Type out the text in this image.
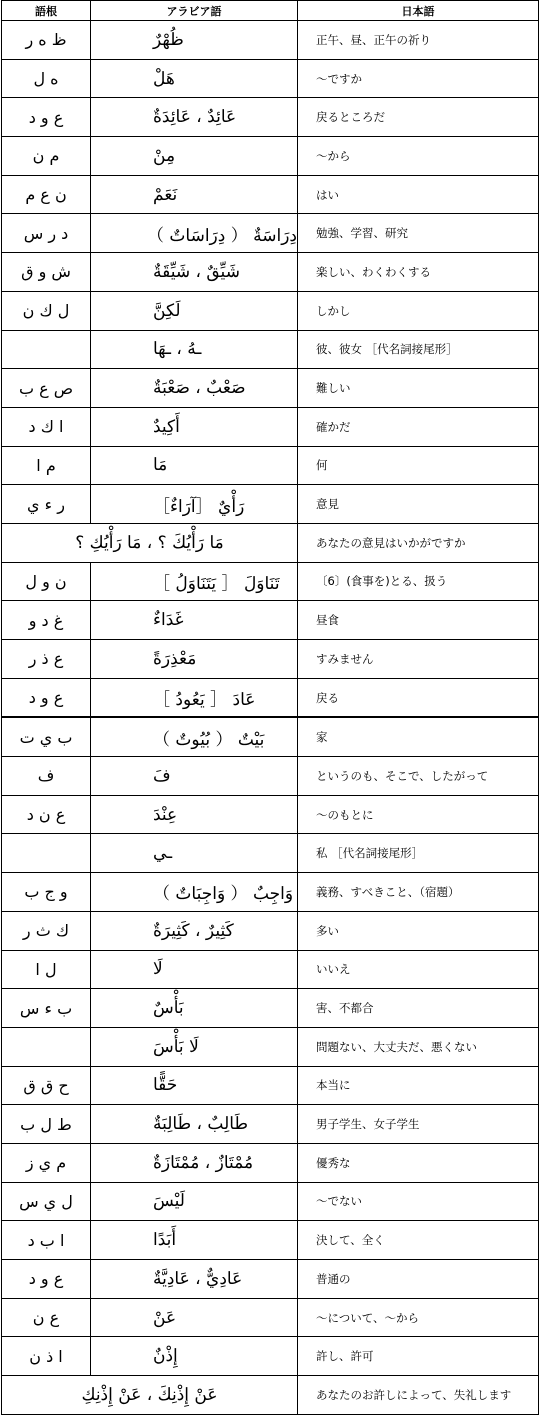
語根	アラビア語	日本語
ظ ه ر	ظُهْرٌ	正午、昼、正午の祈り
ه ل	هَلْ	～ですか
ع و د	عَائِدٌ ، عَائِدَةٌ	戻るところだ
م ن	مِنْ	～から
ن ع م	نَعَمْ	はい
د ر س	دِرَاسَةٌ （ دِرَاسَاتٌ ）	勉強、学習、研究
ش و ق	شَيِّقٌ ، شَيِّقَةٌ	楽しい、わくわくする
ل ك ن	لَكِنَّ	しかし
	ـهُ ، ـهَا	彼、彼女 ［代名詞接尾形］
ص ع ب	صَعْبٌ ، صَعْبَةٌ	難しい
ا ك د	أَكِيدٌ	確かだ
م ا	مَا	何
ر ء ي	رَأْيٌ ［آرَاءٌ］	意見
مَا رَأْيُكَ ؟ ، مَا رَأْيُكِ ؟		あなたの意見はいかがですか
ن و ل	تَنَاوَلَ ［ يَتَنَاوَلُ ］	〔6〕(食事を)とる、扱う
غ د و	غَدَاءٌ	昼食
ع ذ ر	مَعْذِرَةً	すみません
ع و د	عَادَ ［ يَعُودُ ］	戻る
ب ي ت	بَيْتٌ （ بُيُوتٌ ）	家
ف	فَ	というのも、そこで、したがって
ع ن د	عِنْدَ	～のもとに
	ـي	私 ［代名詞接尾形］
و ج ب	وَاجِبٌ （ وَاجِبَاتٌ ）	義務、すべきこと、（宿題）
ك ث ر	كَثِيرٌ ، كَثِيرَةٌ	多い
ل ا	لَا	いいえ
ب ء س	بَأْسٌ	害、不都合
	لَا بَأْسَ	問題ない、大丈夫だ、悪くない
ح ق ق	حَقًّا	本当に
ط ل ب	طَالِبٌ ، طَالِبَةٌ	男子学生、女子学生
م ي ز	مُمْتَازٌ ، مُمْتَازَةٌ	優秀な
ل ي س	لَيْسَ	～でない
ا ب د	أَبَدًا	決して、全く
ع و د	عَادِيٌّ ، عَادِيَّةٌ	普通の
ع ن	عَنْ	～について、～から
ا ذ ن	إِذْنٌ	許し、許可
عَنْ إِذْنِكَ ، عَنْ إِذْنِكِ		あなたのお許しによって、失礼します
